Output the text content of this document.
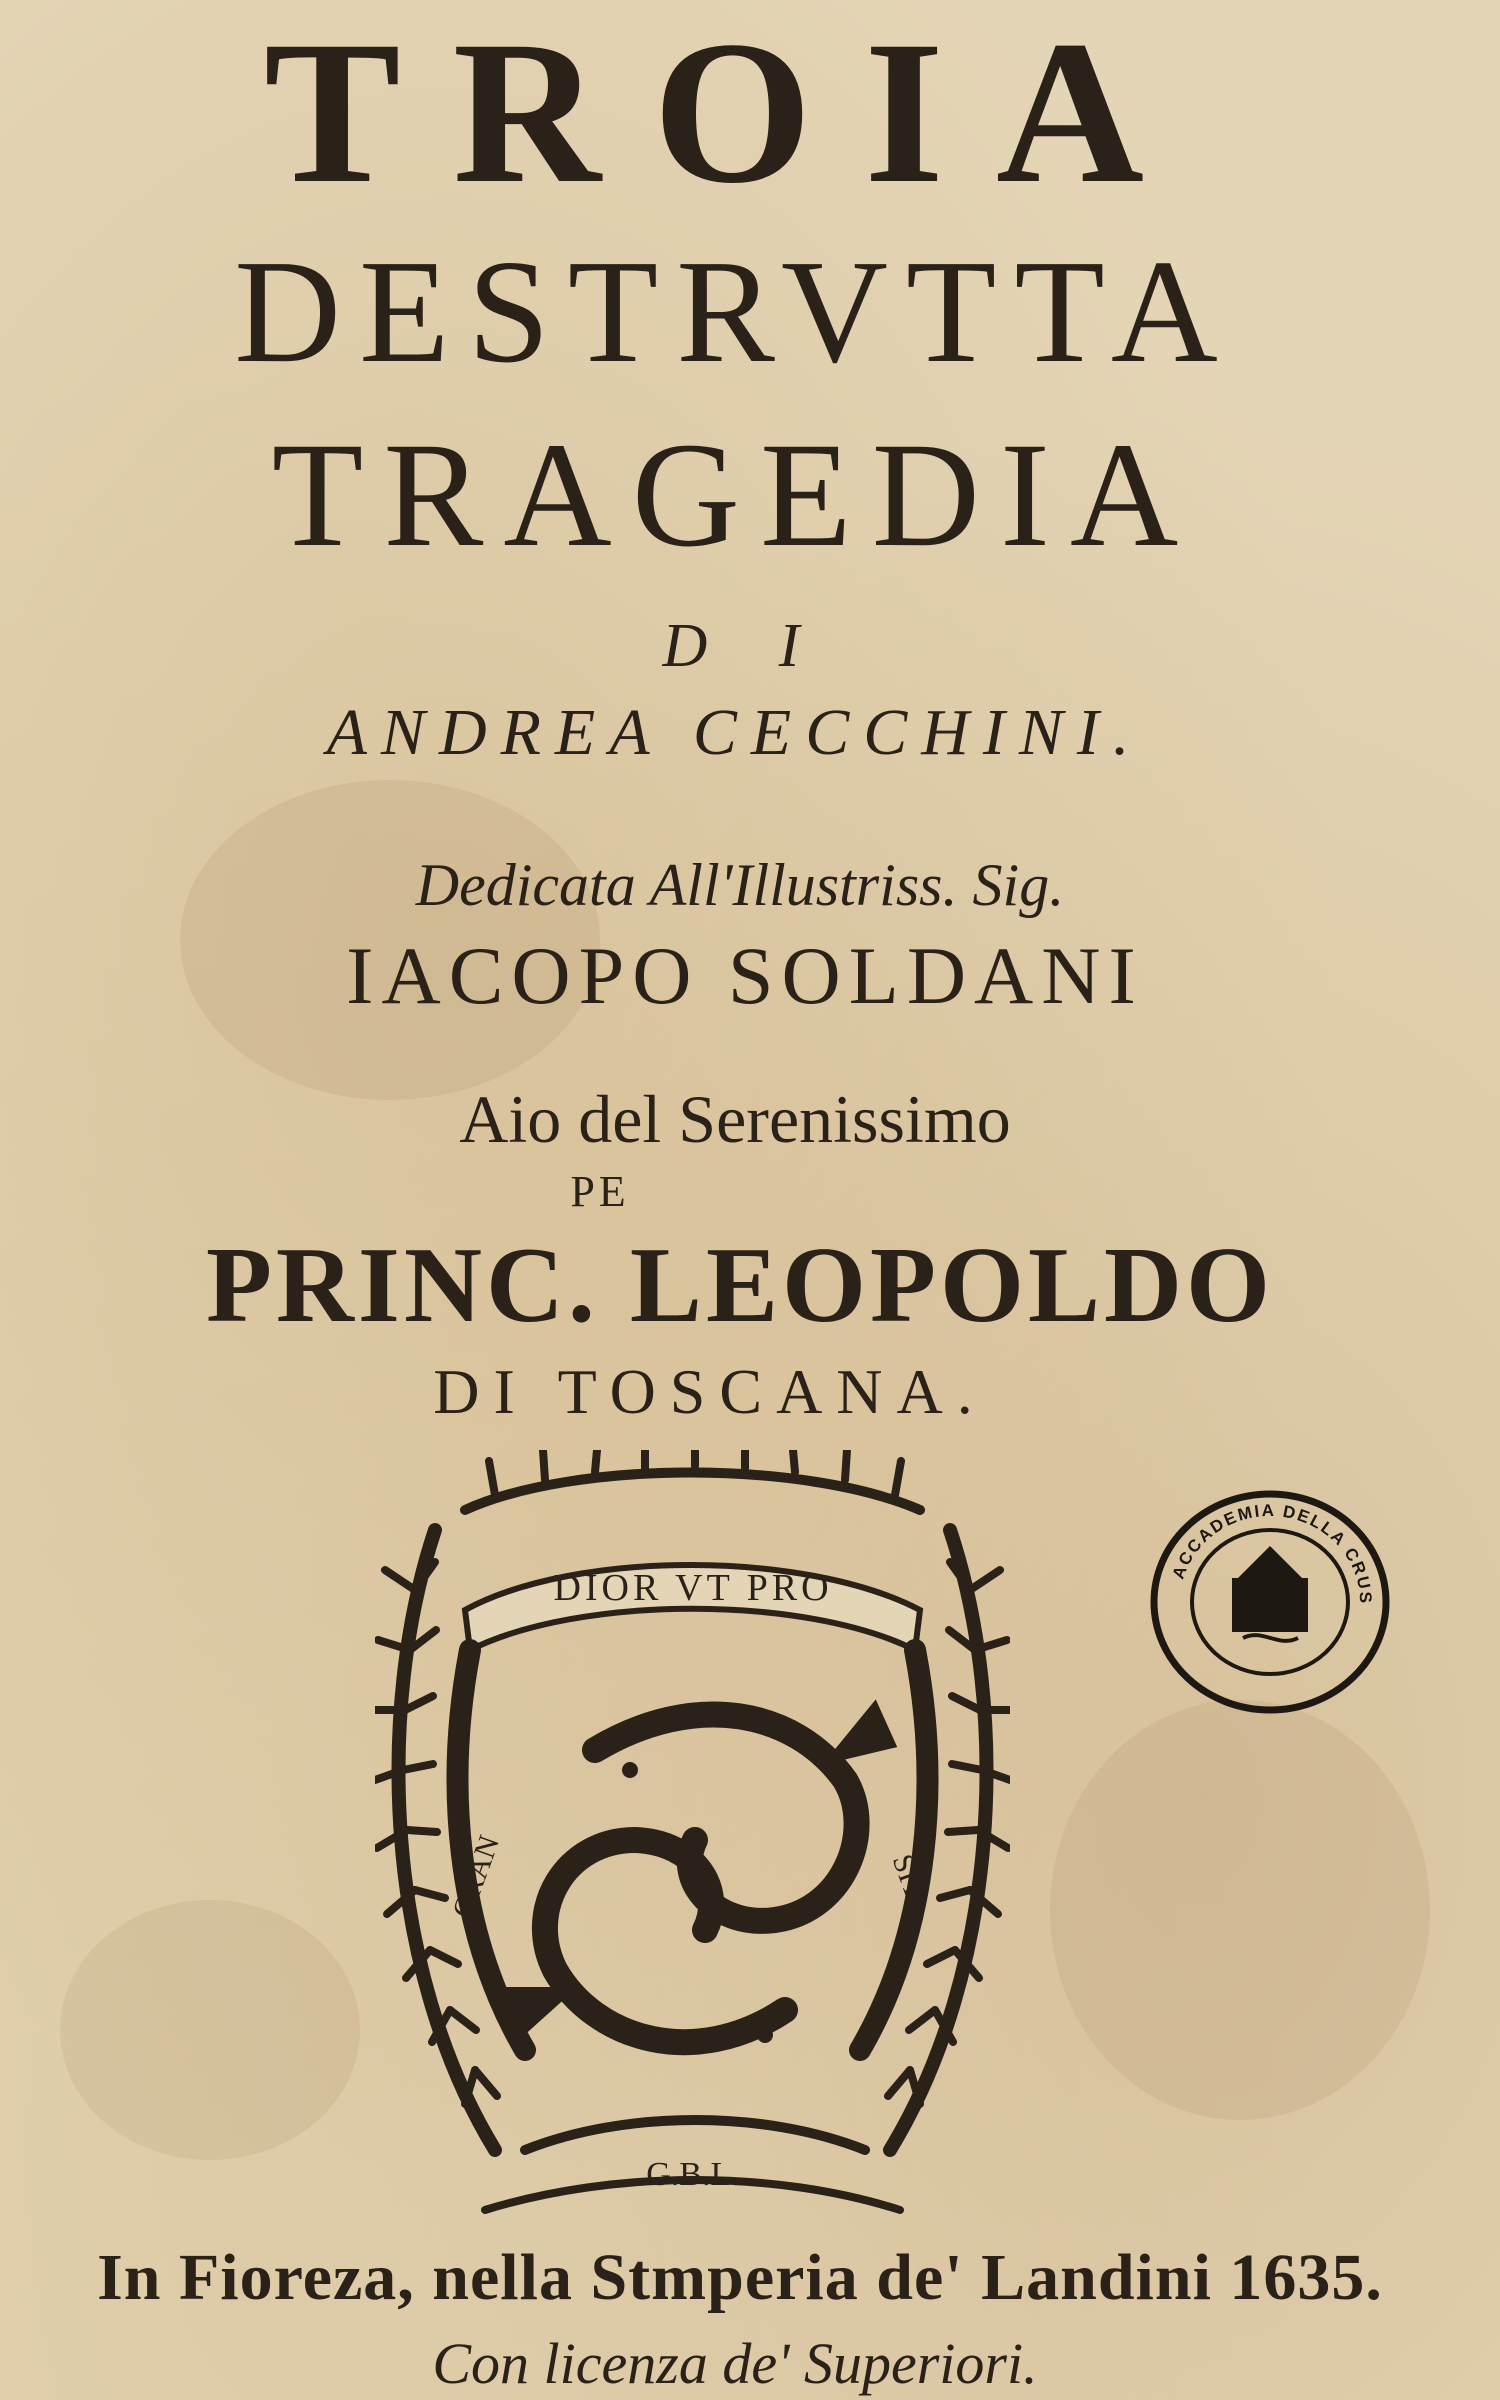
TROIA
DESTRVTTA
TRAGEDIA
D I
ANDREA CECCHINI.
Dedicata All'Illustriss. Sig.
IACOPO SOLDANI
Aio del Serenissimo
PE
PRINC. LEOPOLDO
DI TOSCANA.
DIOR VT PRO
GRAN	SIT
G.B.L.
ACCADEMIA DELLA CRUS
In Fioreza, nella Stmperia de' Landini 1635.
Con licenza de' Superiori.
